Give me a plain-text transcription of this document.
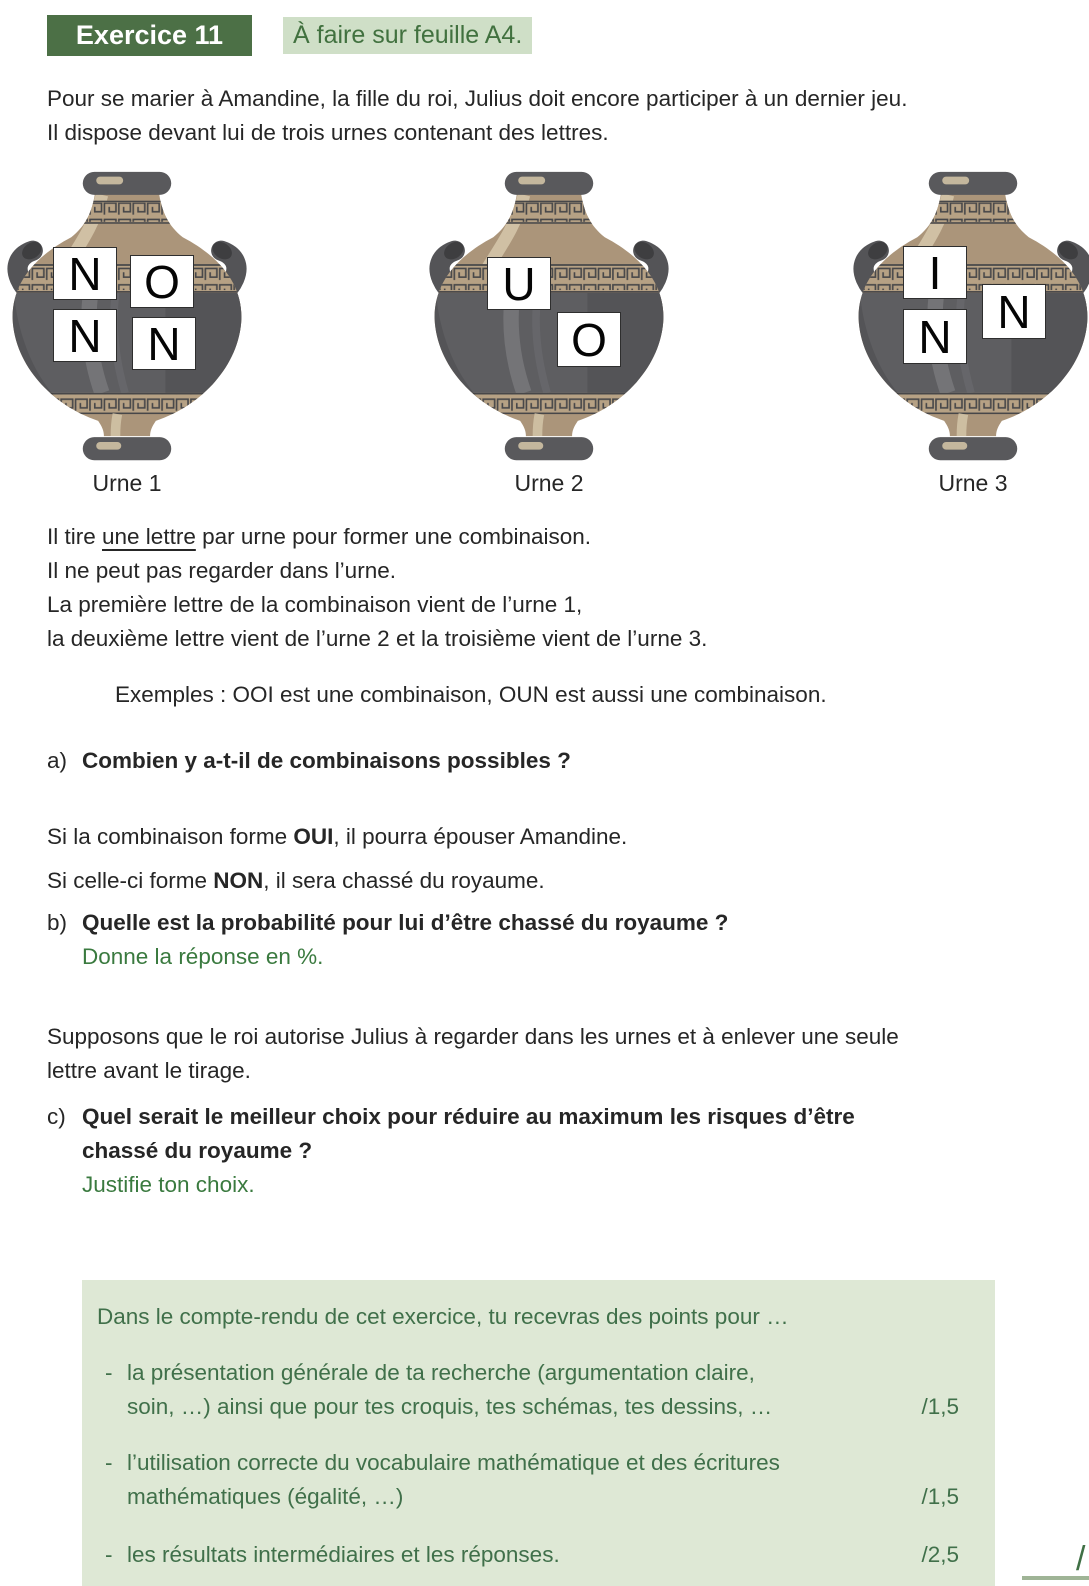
Exercice 11	À faire sur feuille A4.
Pour se marier à Amandine, la fille du roi, Julius doit encore participer à un dernier jeu.
Il dispose devant lui de trois urnes contenant des lettres.
Il tire une lettre par urne pour former une combinaison.
Il ne peut pas regarder dans l’urne.
La première lettre de la combinaison vient de l’urne 1,
la deuxième lettre vient de l’urne 2 et la troisième vient de l’urne 3.
Exemples : OOI est une combinaison, OUN est aussi une combinaison.
a) Combien y a-t-il de combinaisons possibles ?
Si la combinaison forme OUI, il pourra épouser Amandine.
Si celle-ci forme NON, il sera chassé du royaume.
b) Quelle est la probabilité pour lui d’être chassé du royaume ?
Donne la réponse en %.
Supposons que le roi autorise Julius à regarder dans les urnes et à enlever une seule
lettre avant le tirage.
c) Quel serait le meilleur choix pour réduire au maximum les risques d’être
chassé du royaume ?
Justifie ton choix.
Dans le compte-rendu de cet exercice, tu recevras des points pour …
- la présentation générale de ta recherche (argumentation claire,
soin, …) ainsi que pour tes croquis, tes schémas, tes dessins, …	/1,5
- l’utilisation correcte du vocabulaire mathématique et des écritures
mathématiques (égalité, …)	/1,5
- les résultats intermédiaires et les réponses.	/2,5
N O
N N
Urne 1
U
O
Urne 2
I
N
N
Urne 3
/
